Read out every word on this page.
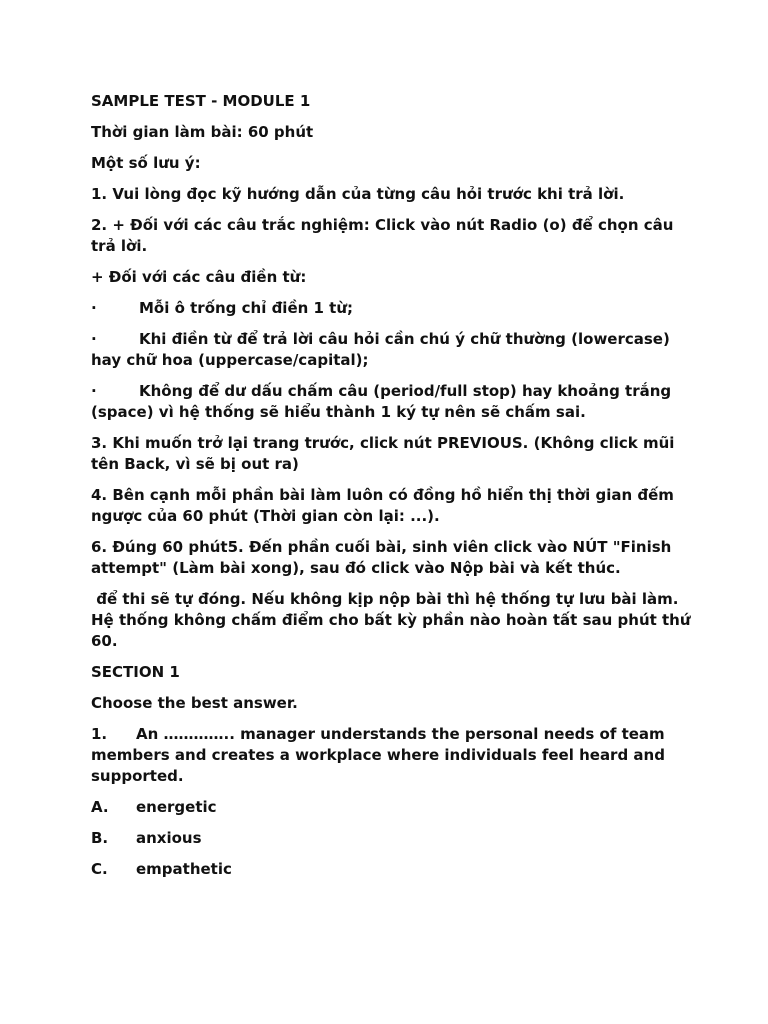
SAMPLE TEST - MODULE 1

Thời gian làm bài: 60 phút

Một số lưu ý:

1. Vui lòng đọc kỹ hướng dẫn của từng câu hỏi trước khi trả lời.

2. + Đối với các câu trắc nghiệm: Click vào nút Radio (o) để chọn câu trả lời.

+ Đối với các câu điền từ:

·	Mỗi ô trống chỉ điền 1 từ;
·	Khi điền từ để trả lời câu hỏi cần chú ý chữ thường (lowercase) hay chữ hoa (uppercase/capital);
·	Không để dư dấu chấm câu (period/full stop) hay khoảng trắng (space) vì hệ thống sẽ hiểu thành 1 ký tự nên sẽ chấm sai.

3. Khi muốn trở lại trang trước, click nút PREVIOUS. (Không click mũi tên Back, vì sẽ bị out ra)

4. Bên cạnh mỗi phần bài làm luôn có đồng hồ hiển thị thời gian đếm ngược của 60 phút (Thời gian còn lại: ...).

6. Đúng 60 phút5. Đến phần cuối bài, sinh viên click vào NÚT "Finish attempt" (Làm bài xong), sau đó click vào Nộp bài và kết thúc.

để thi sẽ tự đóng. Nếu không kịp nộp bài thì hệ thống tự lưu bài làm. Hệ thống không chấm điểm cho bất kỳ phần nào hoàn tất sau phút thứ 60.

SECTION 1

Choose the best answer.

1. An ………….. manager understands the personal needs of team members and creates a workplace where individuals feel heard and supported.
A. energetic
B. anxious
C. empathetic
